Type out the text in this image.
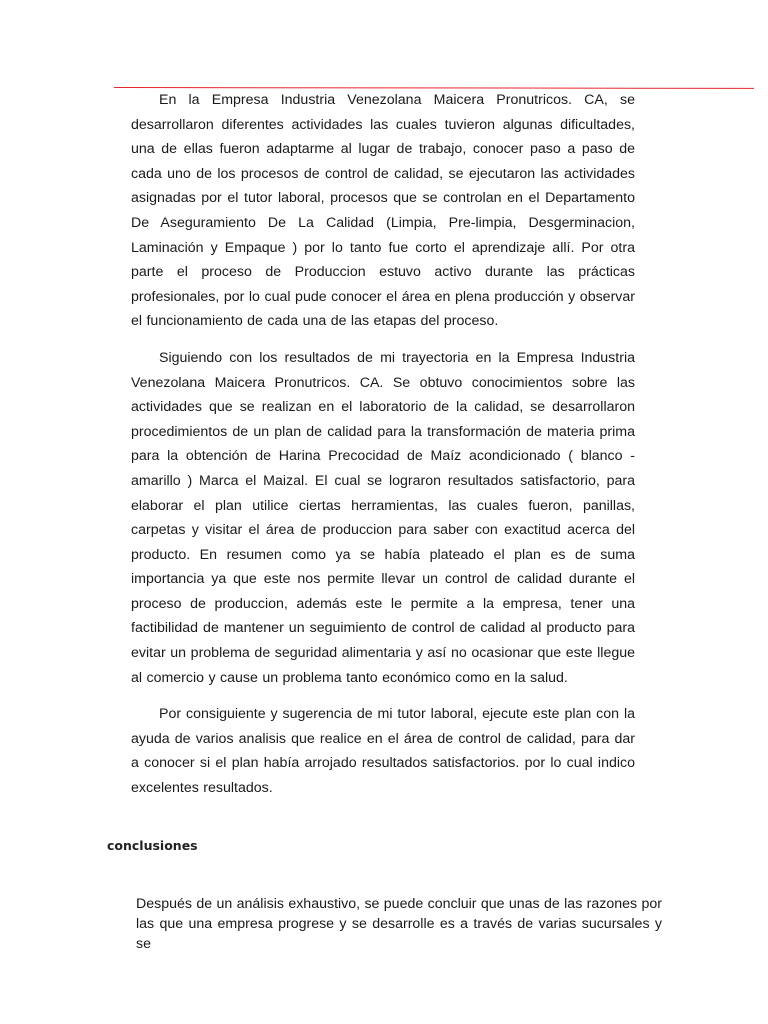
En la Empresa Industria Venezolana Maicera Pronutricos. CA, se desarrollaron diferentes actividades las cuales tuvieron algunas dificultades, una de ellas fueron adaptarme al lugar de trabajo, conocer paso a paso de cada uno de los procesos de control de calidad, se ejecutaron las actividades asignadas por el tutor laboral, procesos que se controlan en el Departamento De Aseguramiento De La Calidad (Limpia, Pre-limpia, Desgerminacion, Laminación y Empaque ) por lo tanto fue corto el aprendizaje allí. Por otra parte el proceso de Produccion estuvo activo durante las prácticas profesionales, por lo cual pude conocer el área en plena producción y observar el funcionamiento de cada una de las etapas del proceso.

Siguiendo con los resultados de mi trayectoria en la Empresa Industria Venezolana Maicera Pronutricos. CA. Se obtuvo conocimientos sobre las actividades que se realizan en el laboratorio de la calidad, se desarrollaron procedimientos de un plan de calidad para la transformación de materia prima para la obtención de Harina Precocidad de Maíz acondicionado ( blanco - amarillo ) Marca el Maizal. El cual se lograron resultados satisfactorio, para elaborar el plan utilice ciertas herramientas, las cuales fueron, panillas, carpetas y visitar el área de produccion para saber con exactitud acerca del producto. En resumen como ya se había plateado el plan es de suma importancia ya que este nos permite llevar un control de calidad durante el proceso de produccion, además este le permite a la empresa, tener una factibilidad de mantener un seguimiento de control de calidad al producto para evitar un problema de seguridad alimentaria y así no ocasionar que este llegue al comercio y cause un problema tanto económico como en la salud.

Por consiguiente y sugerencia de mi tutor laboral, ejecute este plan con la ayuda de varios analisis que realice en el área de control de calidad, para dar a conocer si el plan había arrojado resultados satisfactorios. por lo cual indico excelentes resultados.

conclusiones

Después de un análisis exhaustivo, se puede concluir que unas de las razones por las que una empresa progrese y se desarrolle es a través de varias sucursales y se
